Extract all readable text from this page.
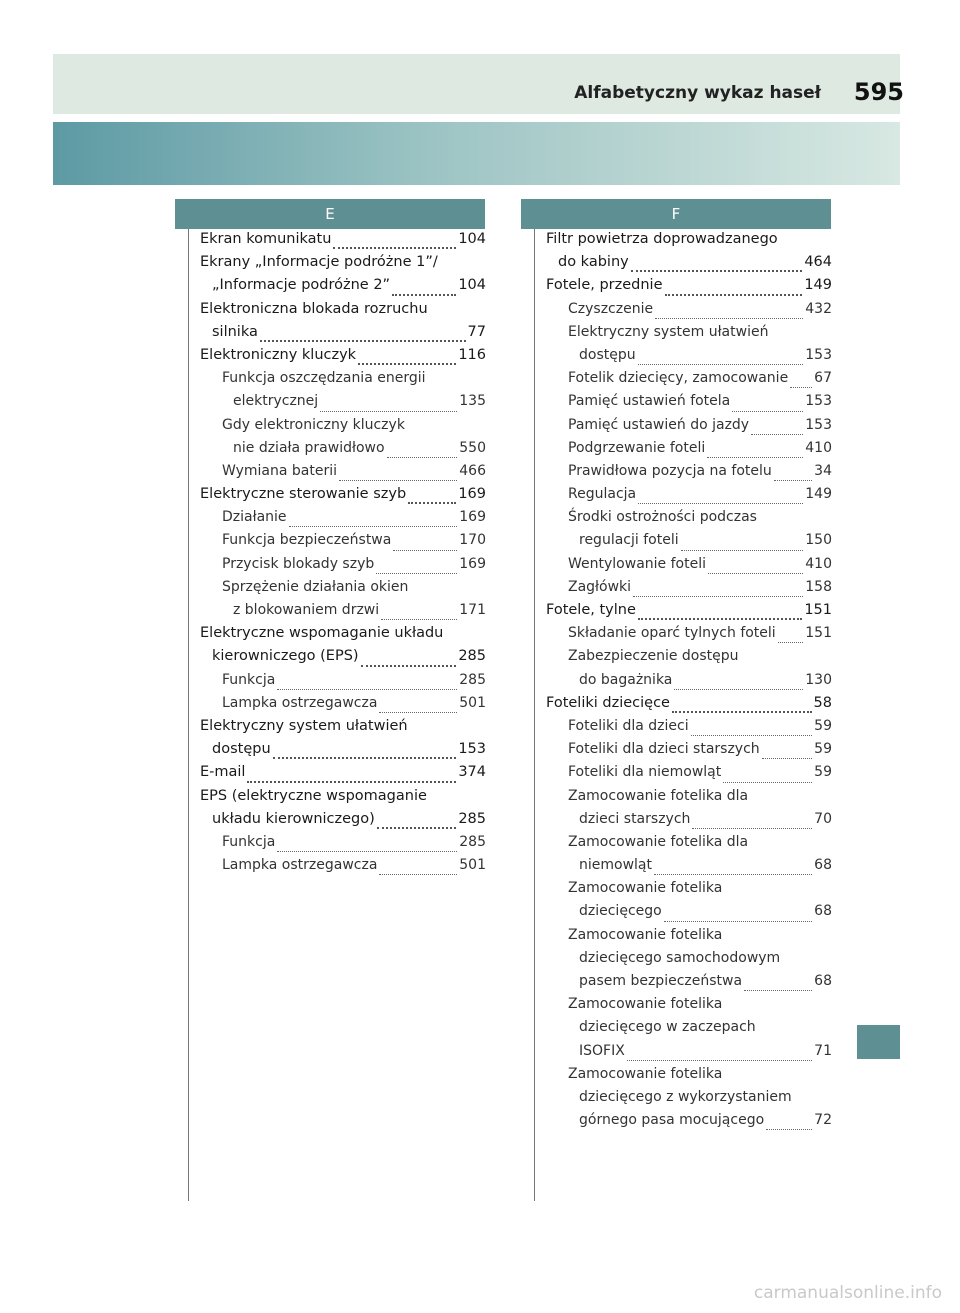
Alfabetyczny wykaz haseł 595
E	F
Ekran komunikatu	104
Ekrany „Informacje podróżne 1”/
„Informacje podróżne 2”	104
Elektroniczna blokada rozruchu
silnika	77
Elektroniczny kluczyk	116
Funkcja oszczędzania energii
elektrycznej	135
Gdy elektroniczny kluczyk
nie działa prawidłowo	550
Wymiana baterii	466
Elektryczne sterowanie szyb	169
Działanie	169
Funkcja bezpieczeństwa	170
Przycisk blokady szyb	169
Sprzężenie działania okien
z blokowaniem drzwi	171
Elektryczne wspomaganie układu
kierowniczego (EPS)	285
Funkcja	285
Lampka ostrzegawcza	501
Elektryczny system ułatwień
dostępu	153
E-mail	374
EPS (elektryczne wspomaganie
układu kierowniczego)	285
Funkcja	285
Lampka ostrzegawcza	501
Filtr powietrza doprowadzanego
do kabiny	464
Fotele, przednie	149
Czyszczenie	432
Elektryczny system ułatwień
dostępu	153
Fotelik dziecięcy, zamocowanie 67
Pamięć ustawień fotela	153
Pamięć ustawień do jazdy	153
Podgrzewanie foteli	410
Prawidłowa pozycja na fotelu	34
Regulacja	149
Środki ostrożności podczas
regulacji foteli	150
Wentylowanie foteli	410
Zagłówki	158
Fotele, tylne	151
Składanie oparć tylnych foteli 151
Zabezpieczenie dostępu
do bagażnika	130
Foteliki dziecięce	58
Foteliki dla dzieci	59
Foteliki dla dzieci starszych	59
Foteliki dla niemowląt	59
Zamocowanie fotelika dla
dzieci starszych	70
Zamocowanie fotelika dla
niemowląt	68
Zamocowanie fotelika
dziecięcego	68
Zamocowanie fotelika
dziecięcego samochodowym
pasem bezpieczeństwa	68
Zamocowanie fotelika
dziecięcego w zaczepach
ISOFIX	71
Zamocowanie fotelika
dziecięcego z wykorzystaniem
górnego pasa mocującego	72
carmanualsonline.info
